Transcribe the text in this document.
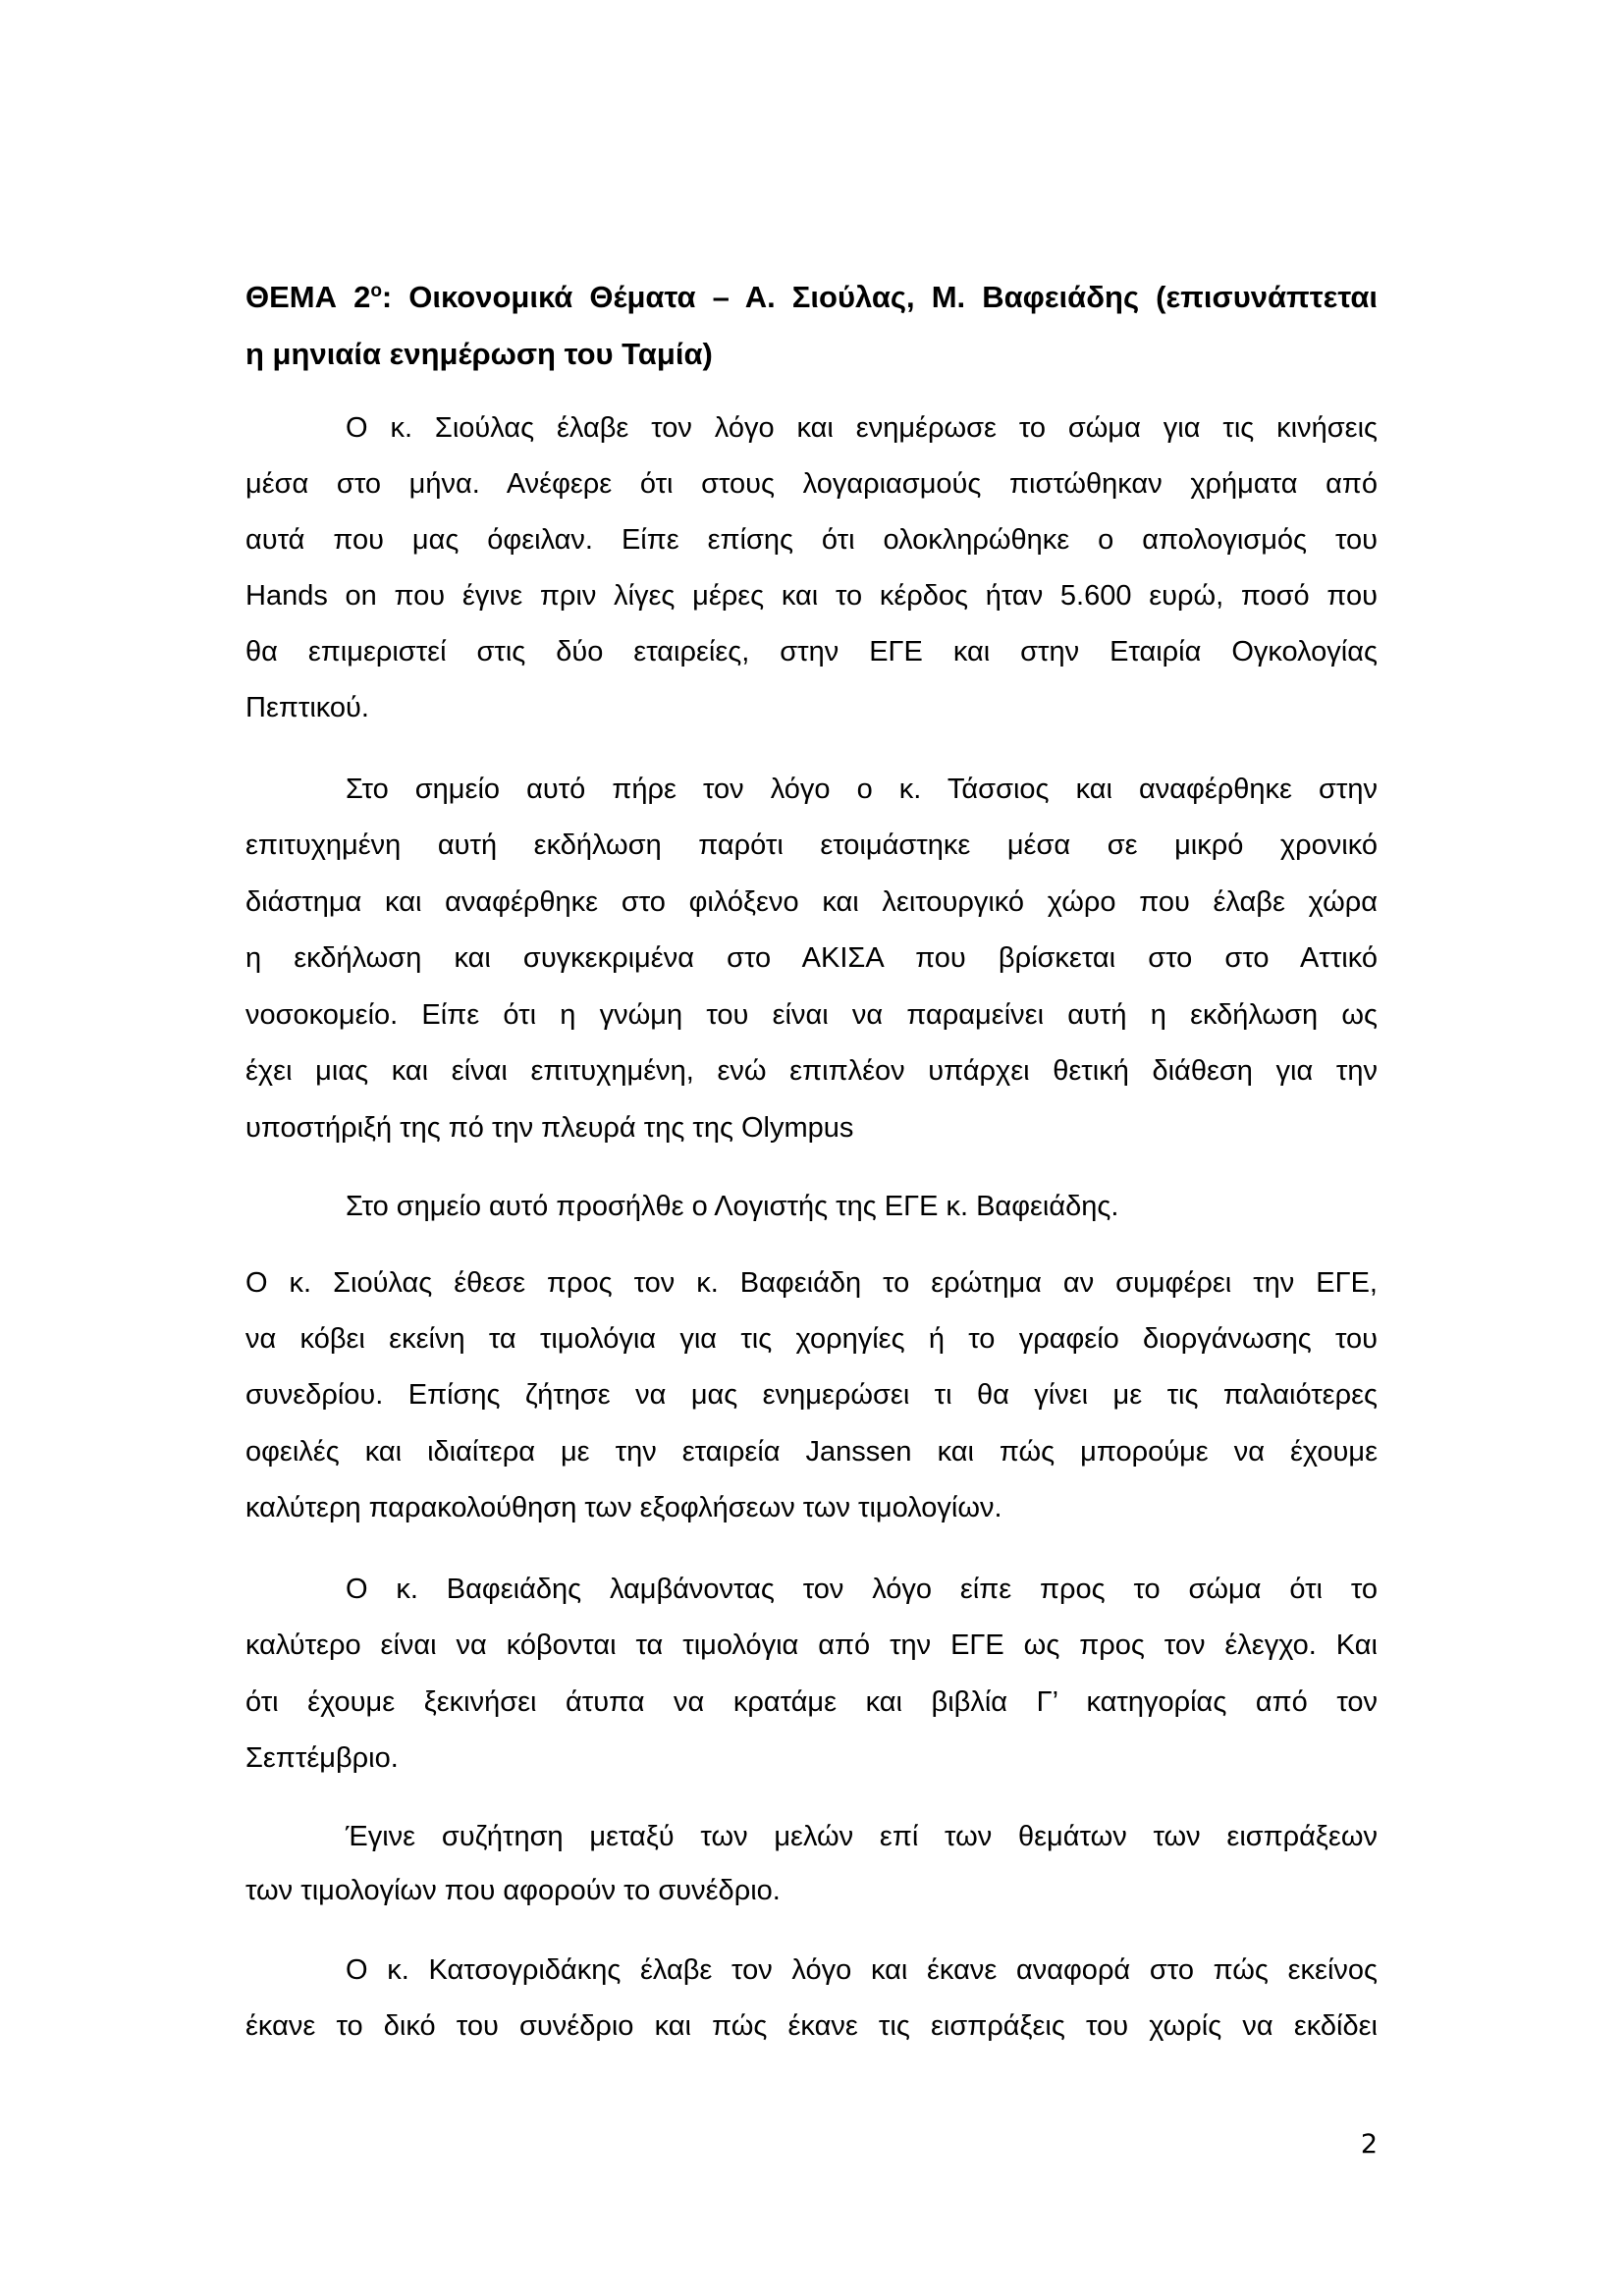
ΘΕΜΑ $2^o$: Οικονομικά Θέματα – Α. Σιούλας, Μ. Βαφειάδης (επισυνάπτεται
η μηνιαία ενημέρωση του Ταμία)
Ο κ. Σιούλας έλαβε τον λόγο και ενημέρωσε το σώμα για τις κινήσεις
μέσα στο μήνα. Ανέφερε ότι στους λογαριασμούς πιστώθηκαν χρήματα από
αυτά που μας όφειλαν. Είπε επίσης ότι ολοκληρώθηκε ο απολογισμός του
Hands on που έγινε πριν λίγες μέρες και το κέρδος ήταν 5.600 ευρώ, ποσό που
θα επιμεριστεί στις δύο εταιρείες, στην ΕΓΕ και στην Εταιρία Ογκολογίας
Πεπτικού.
Στο σημείο αυτό πήρε τον λόγο ο κ. Τάσσιος και αναφέρθηκε στην
επιτυχημένη αυτή εκδήλωση παρότι ετοιμάστηκε μέσα σε μικρό χρονικό
διάστημα και αναφέρθηκε στο φιλόξενο και λειτουργικό χώρο που έλαβε χώρα
η εκδήλωση και συγκεκριμένα στο ΑΚΙΣΑ που βρίσκεται στο στο Αττικό
νοσοκομείο. Είπε ότι η γνώμη του είναι να παραμείνει αυτή η εκδήλωση ως
έχει μιας και είναι επιτυχημένη, ενώ επιπλέον υπάρχει θετική διάθεση για την
υποστήριξή της πό την πλευρά της της Olympus
Στο σημείο αυτό προσήλθε ο Λογιστής της ΕΓΕ κ. Βαφειάδης.
Ο κ. Σιούλας έθεσε προς τον κ. Βαφειάδη το ερώτημα αν συμφέρει την ΕΓΕ,
να κόβει εκείνη τα τιμολόγια για τις χορηγίες ή το γραφείο διοργάνωσης του
συνεδρίου. Επίσης ζήτησε να μας ενημερώσει τι θα γίνει με τις παλαιότερες
οφειλές και ιδιαίτερα με την εταιρεία Janssen και πώς μπορούμε να έχουμε
καλύτερη παρακολούθηση των εξοφλήσεων των τιμολογίων.
Ο κ. Βαφειάδης λαμβάνοντας τον λόγο είπε προς το σώμα ότι το
καλύτερο είναι να κόβονται τα τιμολόγια από την ΕΓΕ ως προς τον έλεγχο. Και
ότι έχουμε ξεκινήσει άτυπα να κρατάμε και βιβλία Γ’ κατηγορίας από τον
Σεπτέμβριο.
Έγινε συζήτηση μεταξύ των μελών επί των θεμάτων των εισπράξεων
των τιμολογίων που αφορούν το συνέδριο.
Ο κ. Κατσογριδάκης έλαβε τον λόγο και έκανε αναφορά στο πώς εκείνος
έκανε το δικό του συνέδριο και πώς έκανε τις εισπράξεις του χωρίς να εκδίδει
2
